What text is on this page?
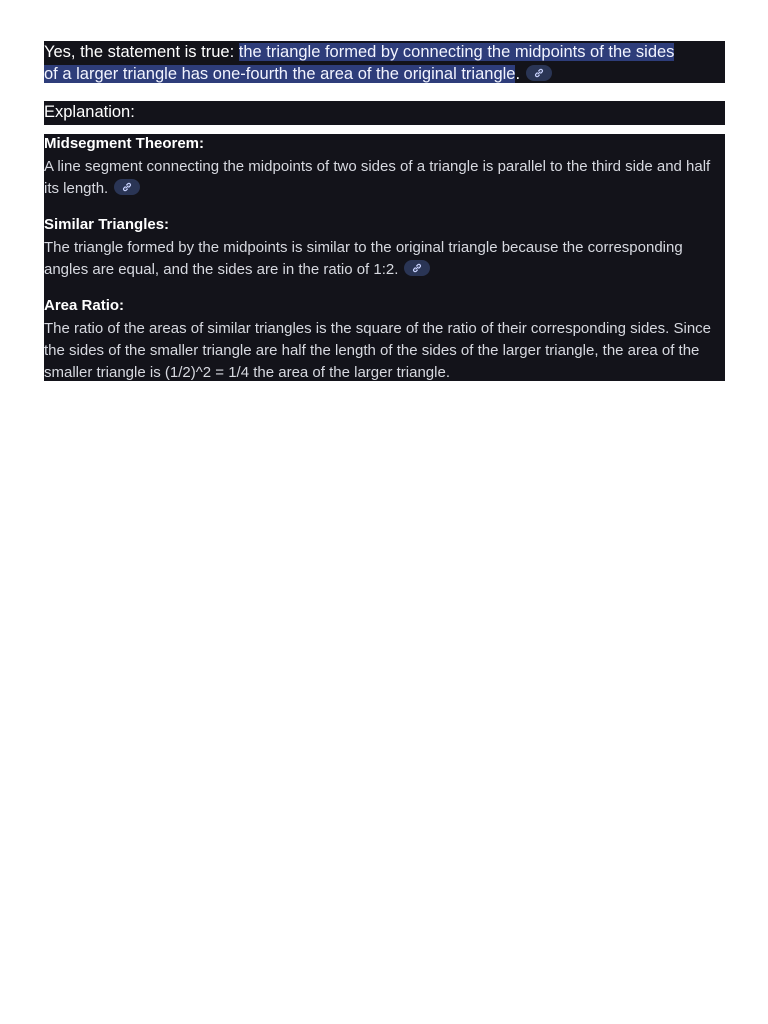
Yes, the statement is true: the triangle formed by connecting the midpoints of the sides
of a larger triangle has one-fourth the area of the original triangle.
Explanation:
Midsegment Theorem:

A line segment connecting the midpoints of two sides of a triangle is parallel to the third side and half its length.

Similar Triangles:

The triangle formed by the midpoints is similar to the original triangle because the corresponding angles are equal, and the sides are in the ratio of 1:2.

Area Ratio:

The ratio of the areas of similar triangles is the square of the ratio of their corresponding sides. Since the sides of the smaller triangle are half the length of the sides of the larger triangle, the area of the smaller triangle is (1/2)^2 = 1/4 the area of the larger triangle.
